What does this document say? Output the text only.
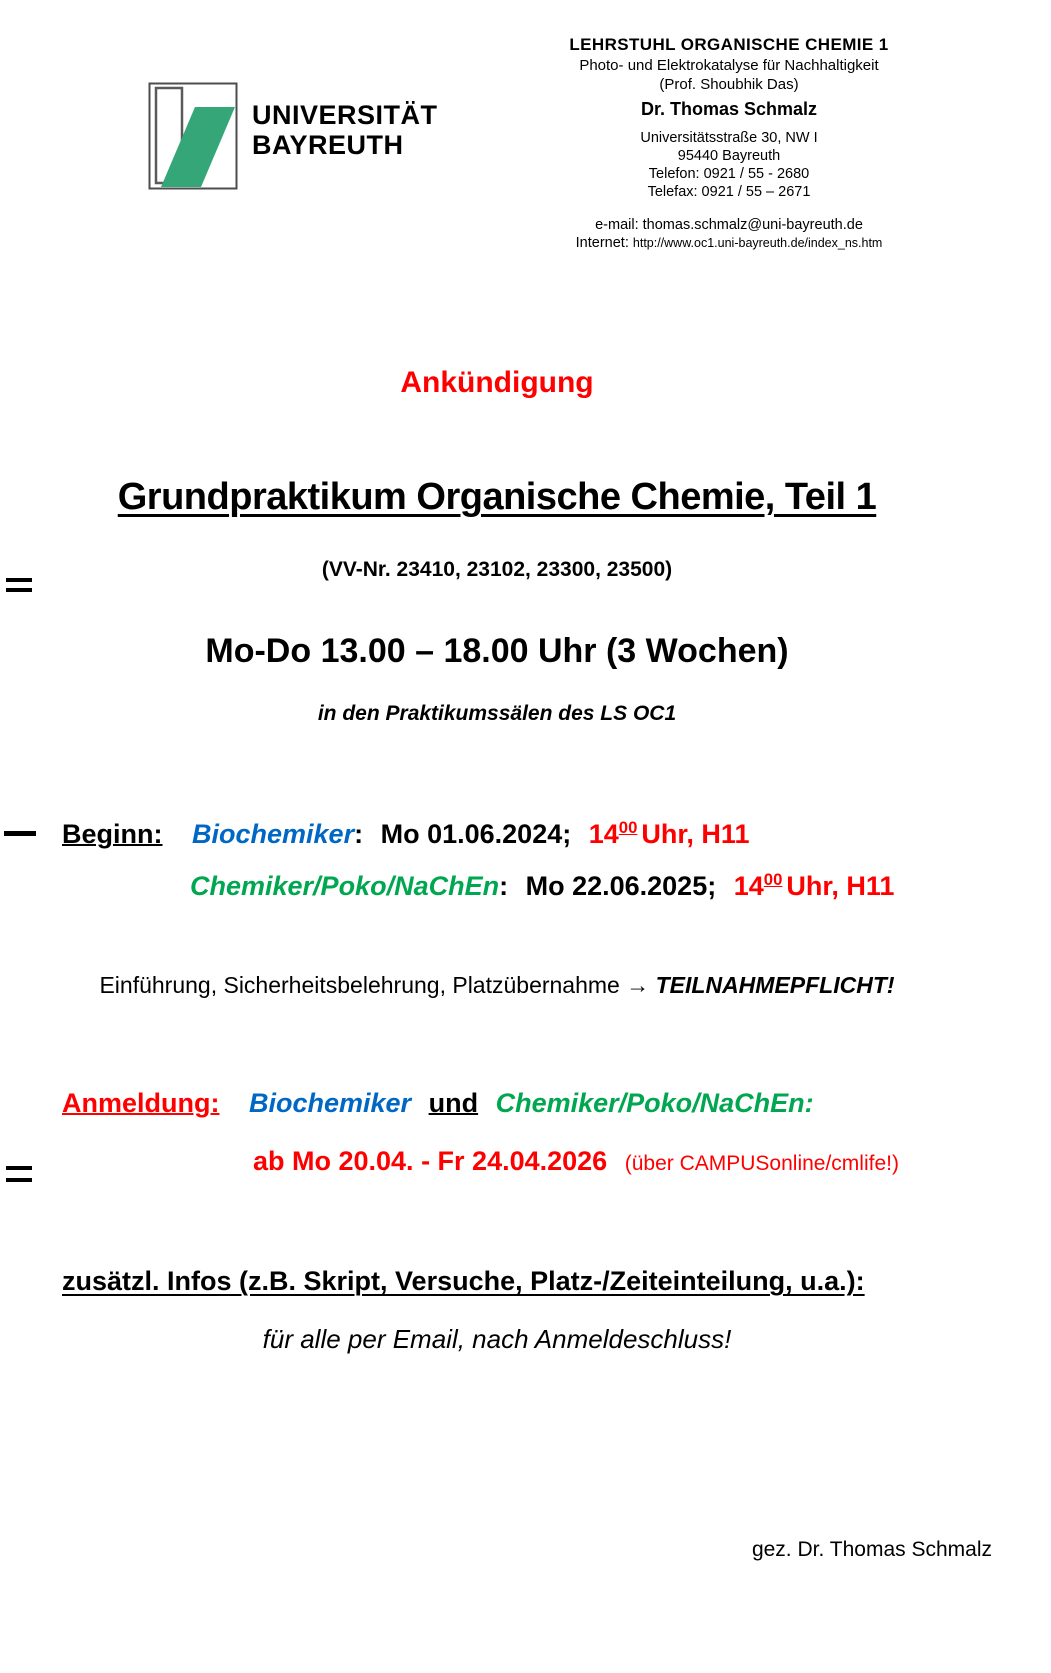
UNIVERSITÄT
BAYREUTH
LEHRSTUHL ORGANISCHE CHEMIE 1
Photo- und Elektrokatalyse für Nachhaltigkeit
(Prof. Shoubhik Das)
Dr. Thomas Schmalz
Universitätsstraße 30, NW I
95440 Bayreuth
Telefon: 0921 / 55 - 2680
Telefax: 0921 / 55 – 2671
e-mail: thomas.schmalz@uni-bayreuth.de
Internet: http://www.oc1.uni-bayreuth.de/index_ns.htm
Ankündigung
Grundpraktikum Organische Chemie, Teil 1
(VV-Nr. 23410, 23102, 23300, 23500)
Mo-Do 13.00 – 18.00 Uhr (3 Wochen)
in den Praktikumssälen des LS OC1
Beginn: Biochemiker: Mo 01.06.2024; $14^{00}$ Uhr, H11
Chemiker/Poko/NaChEn: Mo 22.06.2025; $14^{00}$ Uhr, H11
Einführung, Sicherheitsbelehrung, Platzübernahme → TEILNAHMEPFLICHT!
Anmeldung: Biochemiker und Chemiker/Poko/NaChEn:
ab Mo 20.04. - Fr 24.04.2026 (über CAMPUSonline/cmlife!)
zusätzl. Infos (z.B. Skript, Versuche, Platz-/Zeiteinteilung, u.a.):
für alle per Email, nach Anmeldeschluss!
gez. Dr. Thomas Schmalz
